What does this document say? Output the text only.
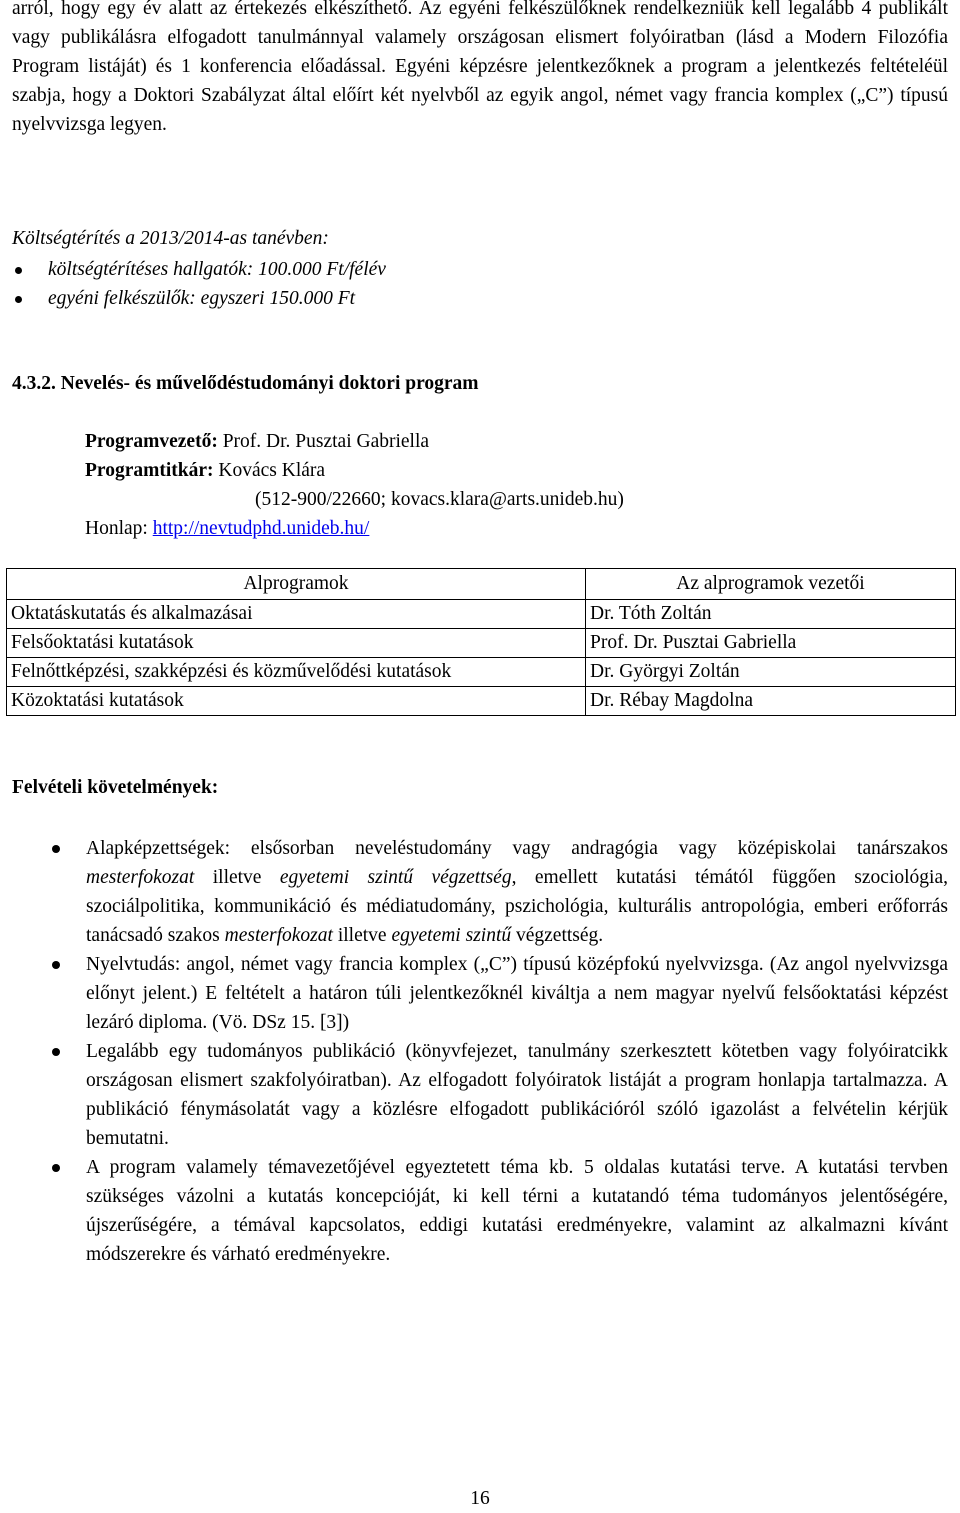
arról, hogy egy év alatt az értekezés elkészíthető. Az egyéni felkészülőknek rendelkezniük kell legalább 4 publikált vagy publikálásra elfogadott tanulmánnyal valamely országosan elismert folyóiratban (lásd a Modern Filozófia Program listáját) és 1 konferencia előadással. Egyéni képzésre jelentkezőknek a program a jelentkezés feltételéül szabja, hogy a Doktori Szabályzat által előírt két nyelvből az egyik angol, német vagy francia komplex („C”) típusú nyelvvizsga legyen.

Költségtérítés a 2013/2014-as tanévben:

költségtérítéses hallgatók: 100.000 Ft/félév
egyéni felkészülők: egyszeri 150.000 Ft

4.3.2. Nevelés- és művelődéstudományi doktori program

Programvezető: Prof. Dr. Pusztai Gabriella
Programtitkár: Kovács Klára
(512-900/22660; kovacs.klara@arts.unideb.hu)
Honlap: http://nevtudphd.unideb.hu/
Alprogramok	Az alprogramok vezetői
Oktatáskutatás és alkalmazásai	Dr. Tóth Zoltán
Felsőoktatási kutatások	Prof. Dr. Pusztai Gabriella
Felnőttképzési, szakképzési és közművelődési kutatások	Dr. Györgyi Zoltán
Közoktatási kutatások	Dr. Rébay Magdolna

Felvételi követelmények:

Alapképzettségek: elsősorban neveléstudomány vagy andragógia vagy középiskolai tanárszakos mesterfokozat illetve egyetemi szintű végzettség, emellett kutatási témától függően szociológia, szociálpolitika, kommunikáció és médiatudomány, pszichológia, kulturális antropológia, emberi erőforrás tanácsadó szakos mesterfokozat illetve egyetemi szintű végzettség.
Nyelvtudás: angol, német vagy francia komplex („C”) típusú középfokú nyelvvizsga. (Az angol nyelvvizsga előnyt jelent.) E feltételt a határon túli jelentkezőknél kiváltja a nem magyar nyelvű felsőoktatási képzést lezáró diploma. (Vö. DSz 15. [3])
Legalább egy tudományos publikáció (könyvfejezet, tanulmány szerkesztett kötetben vagy folyóiratcikk országosan elismert szakfolyóiratban). Az elfogadott folyóiratok listáját a program honlapja tartalmazza. A publikáció fénymásolatát vagy a közlésre elfogadott publikációról szóló igazolást a felvételin kérjük bemutatni.
A program valamely témavezetőjével egyeztetett téma kb. 5 oldalas kutatási terve. A kutatási tervben szükséges vázolni a kutatás koncepcióját, ki kell térni a kutatandó téma tudományos jelentőségére, újszerűségére, a témával kapcsolatos, eddigi kutatási eredményekre, valamint az alkalmazni kívánt módszerekre és várható eredményekre.

16
